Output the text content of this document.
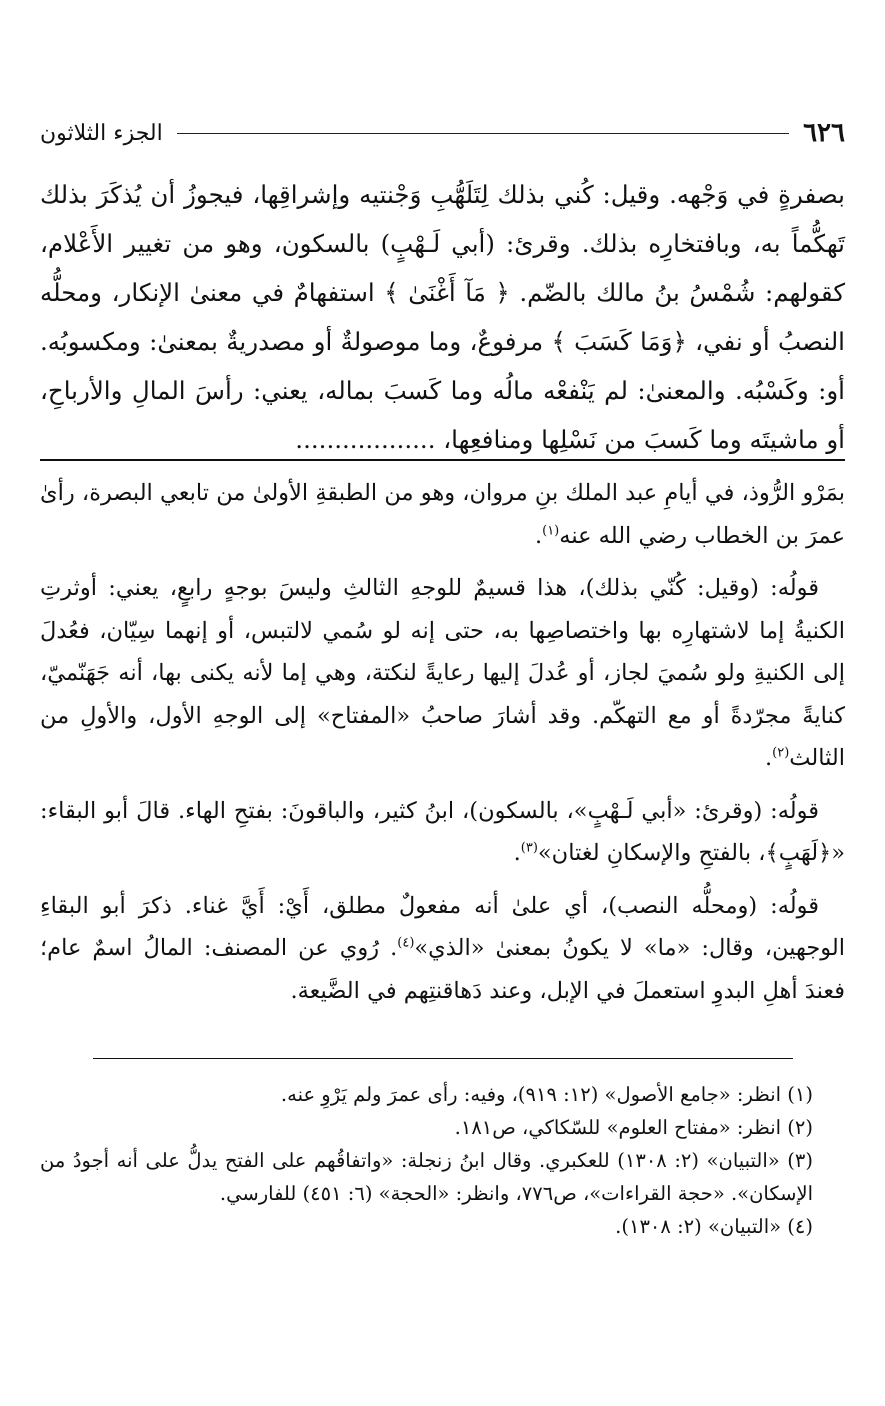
٦٢٦
الجزء الثلاثون

بصفرةٍ في وَجْهه. وقيل: كُني بذلك لِتَلَهُّبِ وَجْنتيه وإشراقِها، فيجوزُ أن يُذكَرَ بذلك تَهكُّماً به، وبافتخارِه بذلك. وقرئ: (أبي لَـهْبٍ) بالسكون، وهو من تغيير الأَعْلام، كقولهم: شُمْسُ بنُ مالك بالضّم. ﴿ مَآ أَغْنَىٰ ﴾ استفهامٌ في معنىٰ الإنكار، ومحلُّه النصبُ أو نفي، ﴿وَمَا كَسَبَ ﴾ مرفوعٌ، وما موصولةٌ أو مصدريةٌ بمعنىٰ: ومكسوبُه. أو: وكَسْبُه. والمعنىٰ: لم يَنْفعْه مالُه وما كَسبَ بماله، يعني: رأسَ المالِ والأرباحِ، أو ماشيتَه وما كَسبَ من نَسْلِها ومنافعِها، ..................

بمَرْو الرُّوذ، في أيامِ عبد الملك بنِ مروان، وهو من الطبقةِ الأولىٰ من تابعي البصرة، رأىٰ عمرَ بن الخطاب رضي الله عنه$^{(١)}$.

قولُه: (وقيل: كُنّي بذلك)، هذا قسيمٌ للوجهِ الثالثِ وليسَ بوجهٍ رابعٍ، يعني: أوثرتِ الكنيةُ إما لاشتهارِه بها واختصاصِها به، حتى إنه لو سُمي لالتبس، أو إنهما سِيّان، فعُدلَ إلى الكنيةِ ولو سُميَ لجاز، أو عُدلَ إليها رعايةً لنكتة، وهي إما لأنه يكنى بها، أنه جَهَنّميّ، كنايةً مجرّدةً أو مع التهكّم. وقد أشارَ صاحبُ «المفتاح» إلى الوجهِ الأول، والأولِ من الثالث$^{(٢)}$.

قولُه: (وقرئ: «أبي لَـهْبٍ»، بالسكون)، ابنُ كثير، والباقونَ: بفتحِ الهاء. قالَ أبو البقاء: «﴿لَهَبٍ﴾، بالفتحِ والإسكانِ لغتان»$^{(٣)}$.

قولُه: (ومحلُّه النصب)، أي علىٰ أنه مفعولٌ مطلق، أَيْ: أَيَّ غناء. ذكرَ أبو البقاءِ الوجهين، وقال: «ما» لا يكونُ بمعنىٰ «الذي»$^{(٤)}$. رُوي عن المصنف: المالُ اسمٌ عام؛ فعندَ أهلِ البدوِ استعملَ في الإبل، وعند دَهاقنتِهم في الضَّيعة.

(١) انظر: «جامع الأصول» (١٢: ٩١٩)، وفيه: رأى عمرَ ولم يَرْوِ عنه.

(٢) انظر: «مفتاح العلوم» للسّكاكي، ص١٨١.

(٣) «التبيان» (٢: ١٣٠٨) للعكبري. وقال ابنُ زنجلة: «واتفاقُهم على الفتح يدلُّ على أنه أجودُ من الإسكان». «حجة القراءات»، ص٧٧٦، وانظر: «الحجة» (٦: ٤٥١) للفارسي.

(٤) «التبيان» (٢: ١٣٠٨).
